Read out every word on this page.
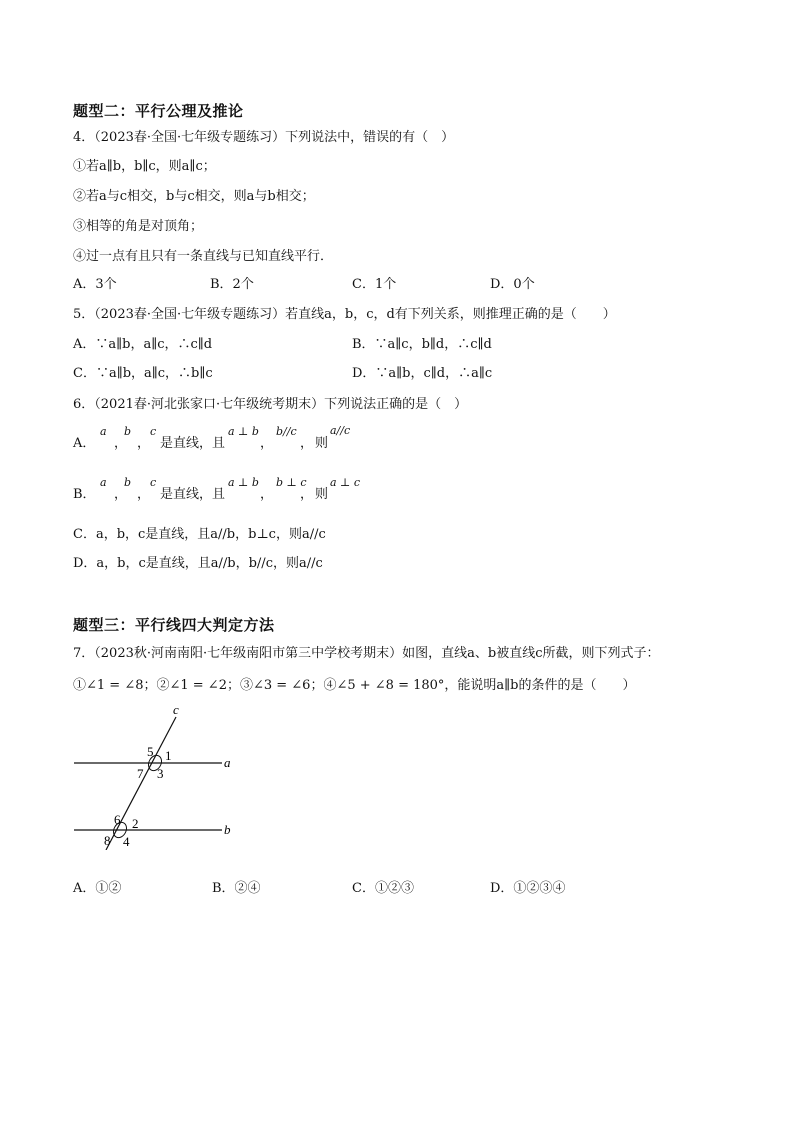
题型二：平行公理及推论
4．（2023春·全国·七年级专题练习）下列说法中，错误的有（　）
①若a∥b，b∥c，则a∥c；
②若a与c相交，b与c相交，则a与b相交；
③相等的角是对顶角；
④过一点有且只有一条直线与已知直线平行．
A．3个	B．2个	C．1个	D．0个
5．（2023春·全国·七年级专题练习）若直线a，b，c，d有下列关系，则推理正确的是（　　）
A．∵a∥b，a∥c，∴c∥d	B．∵a∥c，b∥d，∴c∥d
C．∵a∥b，a∥c，∴b∥c	D．∵a∥b，c∥d，∴a∥c
6．（2021春·河北张家口·七年级统考期末）下列说法正确的是（　）
A．
a
，
b
，
c
是直线，且
a ⊥ b
，
b//c
， 则
a//c
B．
a
，
b
，
c
是直线，且
a ⊥ b
，
b ⊥ c
， 则
a ⊥ c
C．a，b，c是直线，且a//b，b⊥c，则a//c
D．a，b，c是直线，且a//b，b//c，则a//c
题型三：平行线四大判定方法
7．（2023秋·河南南阳·七年级南阳市第三中学校考期末）如图，直线a、b被直线c所截，则下列式子：
①∠1 = ∠8；②∠1 = ∠2；③∠3 = ∠6；④∠5 + ∠8 = 180°，能说明a∥b的条件的是（　　）
c
a
b
5 1
7 3
6 2
8 4
A．①②	B．②④	C．①②③	D．①②③④
